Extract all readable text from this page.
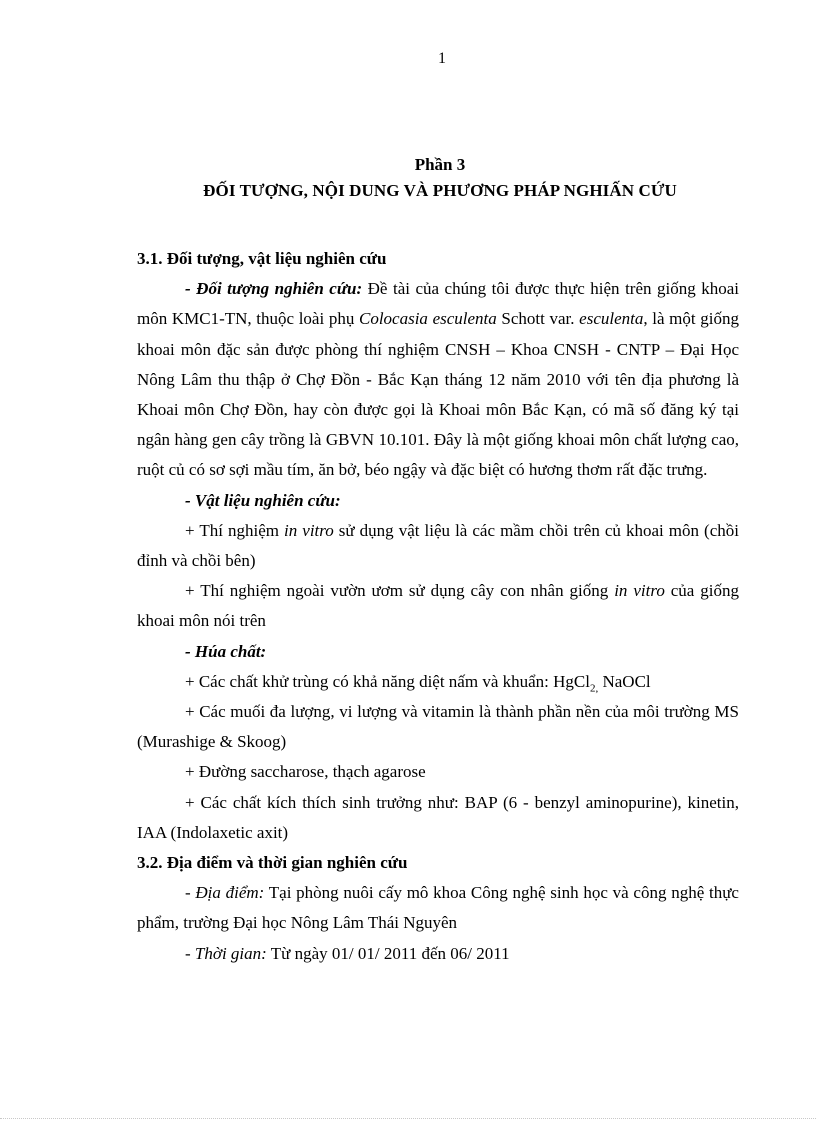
1
Phần 3
ĐỐI TƯỢNG, NỘI DUNG VÀ PHƯƠNG PHÁP NGHIẤN CỨU

3.1. Đối tượng, vật liệu nghiên cứu

- Đối tượng nghiên cứu: Đề tài của chúng tôi được thực hiện trên giống khoai môn KMC1-TN, thuộc loài phụ Colocasia esculenta Schott var. esculenta, là một giống khoai môn đặc sản được phòng thí nghiệm CNSH – Khoa CNSH - CNTP – Đại Học Nông Lâm thu thập ở Chợ Đồn - Bắc Kạn tháng 12 năm 2010 với tên địa phương là Khoai môn Chợ Đồn, hay còn được gọi là Khoai môn Bắc Kạn, có mã số đăng ký tại ngân hàng gen cây trồng là GBVN 10.101. Đây là một giống khoai môn chất lượng cao, ruột củ có sơ sợi mầu tím, ăn bở, béo ngậy và đặc biệt có hương thơm rất đặc trưng.

- Vật liệu nghiên cứu:

+ Thí nghiệm in vitro sử dụng vật liệu là các mầm chồi trên củ khoai môn (chồi đỉnh và chồi bên)

+ Thí nghiệm ngoài vườn ươm sử dụng cây con nhân giống in vitro của giống khoai môn nói trên

- Húa chất:

+ Các chất khử trùng có khả năng diệt nấm và khuẩn: HgCl$_{2,}$ NaOCl

+ Các muối đa lượng, vi lượng và vitamin là thành phần nền của môi trường MS (Murashige & Skoog)

+ Đường saccharose, thạch agarose

+ Các chất kích thích sinh trưởng như: BAP (6 - benzyl aminopurine), kinetin, IAA (Indolaxetic axit)

3.2. Địa điểm và thời gian nghiên cứu

- Địa điểm: Tại phòng nuôi cấy mô khoa Công nghệ sinh học và công nghệ thực phẩm, trường Đại học Nông Lâm Thái Nguyên

- Thời gian: Từ ngày 01/ 01/ 2011 đến 06/ 2011
